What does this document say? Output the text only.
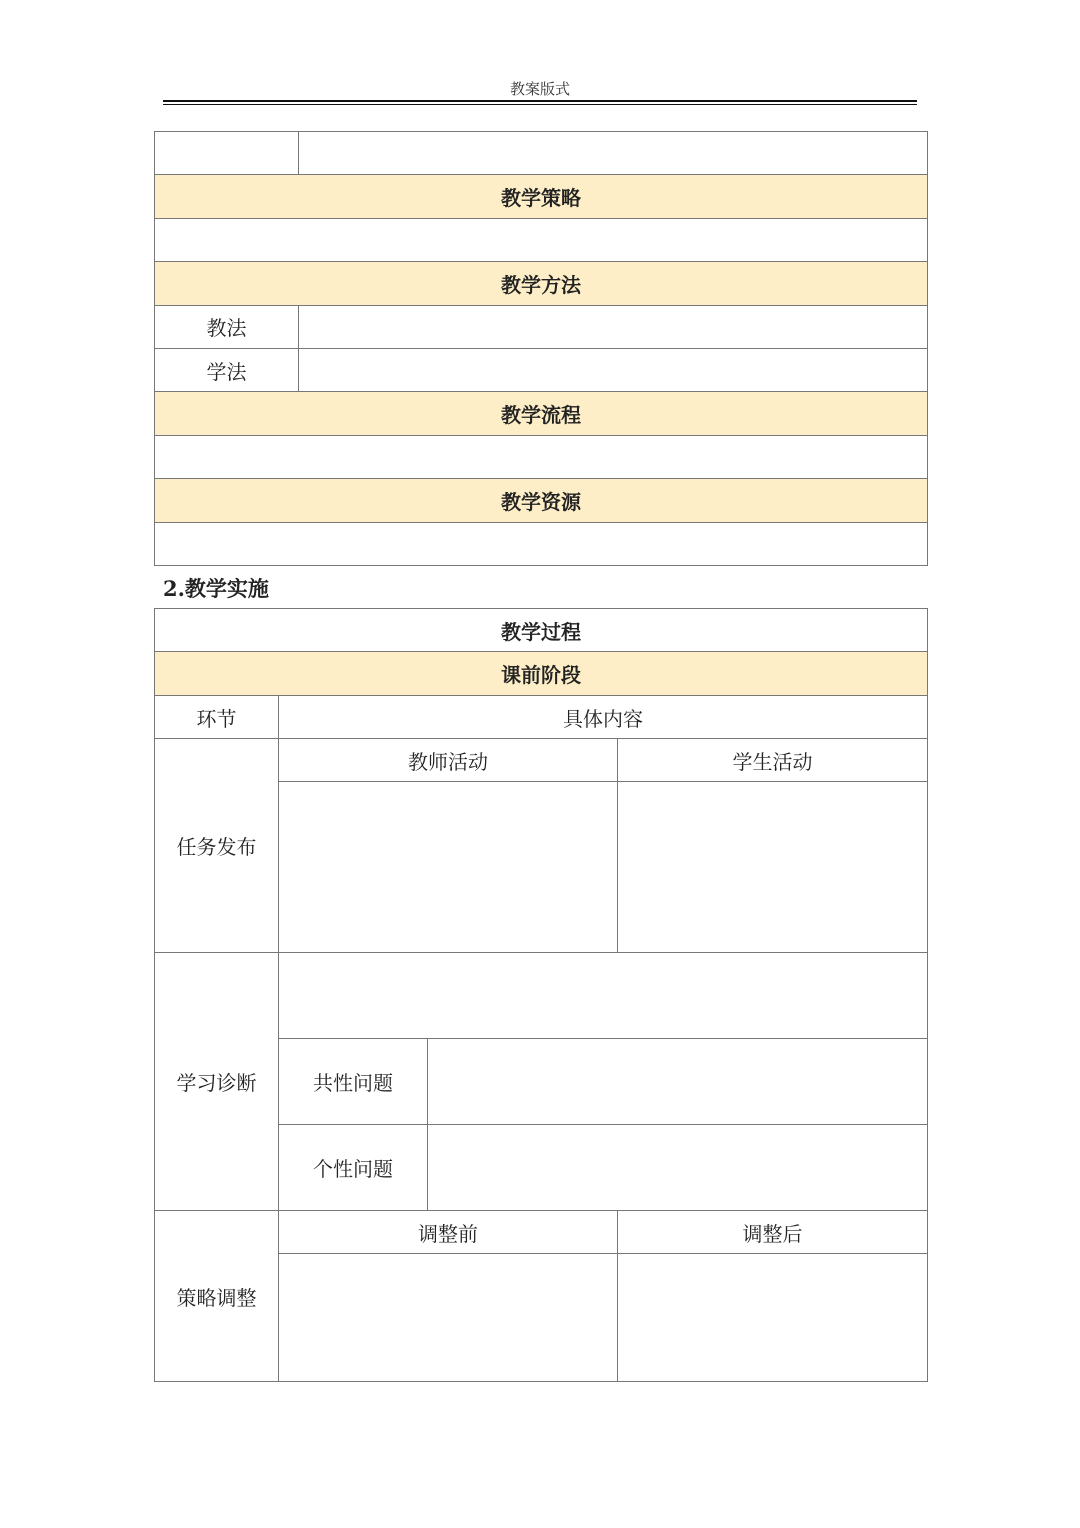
教案版式

教学策略	

教学方法	
教法	
学法	
教学流程	

教学资源	

2.教学实施
教学过程			
课前阶段			
环节	具体内容		
任务发布	教师活动		学生活动

学习诊断			
	共性问题		
	个性问题		
策略调整	调整前		调整后
